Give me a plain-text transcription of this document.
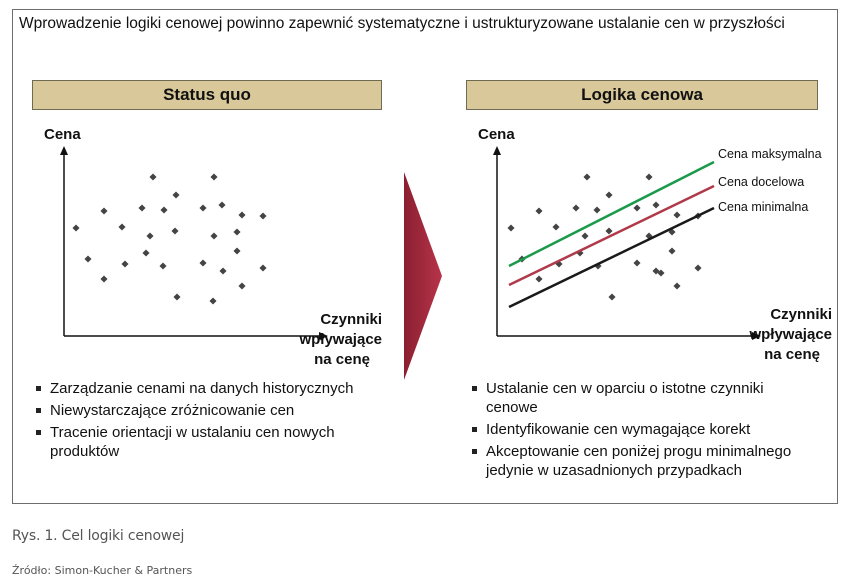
Wprowadzenie logiki cenowej powinno zapewnić systematyczne i ustrukturyzowane ustalanie cen w przyszłości
Status quo
Cena
Czynniki
wpływające
na cenę
Zarządzanie cenami na danych historycznych
Niewystarczające zróżnicowanie cen
Tracenie orientacji w ustalaniu cen nowych produktów
Logika cenowa
Cena
Cena maksymalna
Cena docelowa
Cena minimalna
Czynniki
wpływające
na cenę
Ustalanie cen w oparciu o istotne czynniki cenowe
Identyfikowanie cen wymagające korekt
Akceptowanie cen poniżej progu minimalnego jedynie w uzasadnionych przypadkach
Rys. 1. Cel logiki cenowej
Źródło: Simon-Kucher & Partners
